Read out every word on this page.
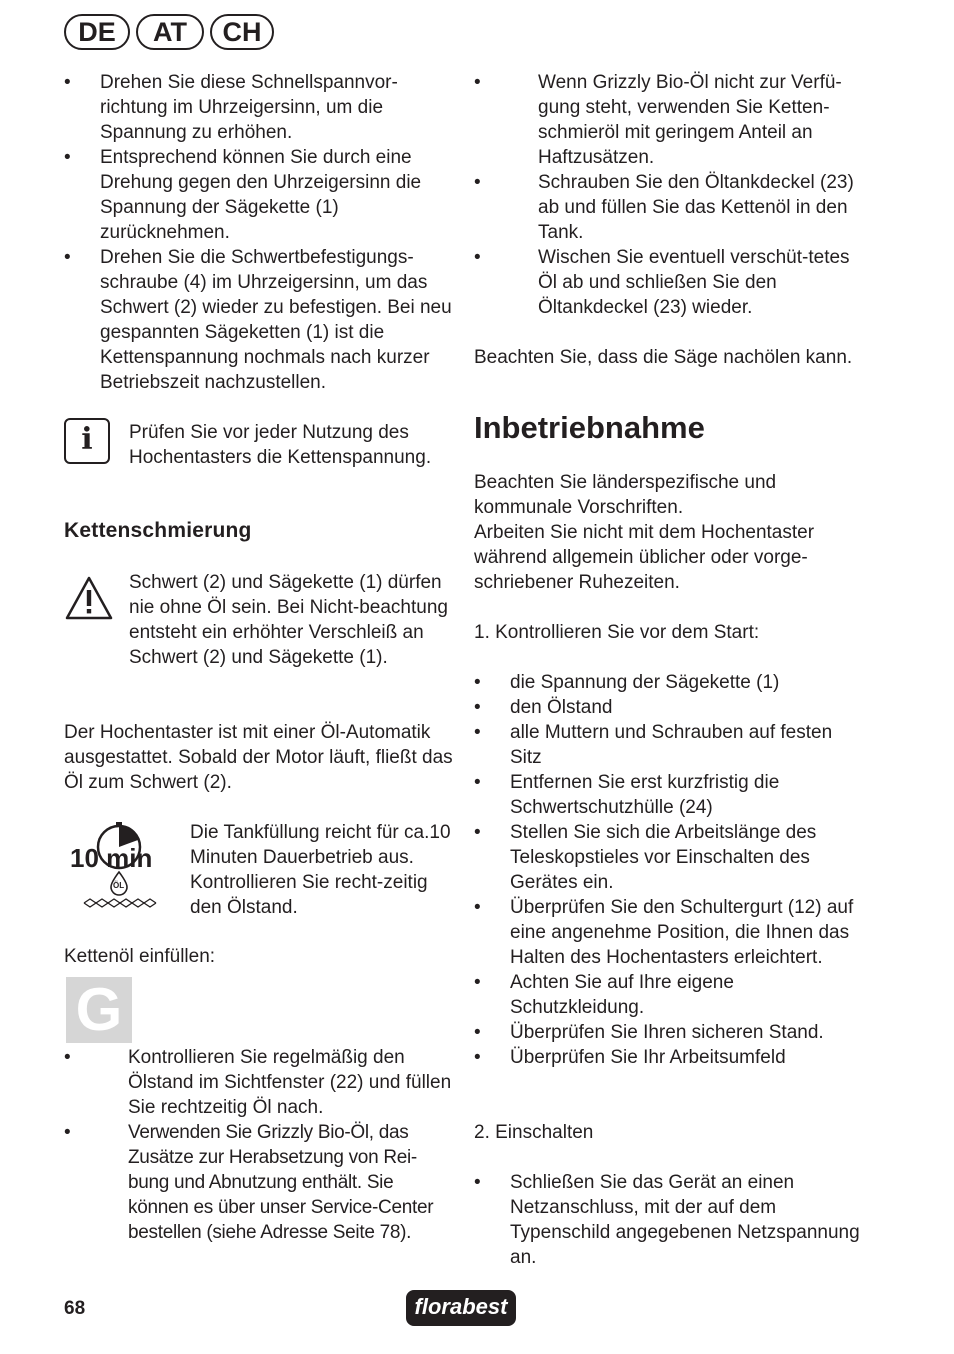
DE	AT	CH
• Drehen Sie diese Schnellspannvor-richtung im Uhrzeigersinn, um die Spannung zu erhöhen.
• Entsprechend können Sie durch eine Drehung gegen den Uhrzeigersinn die Spannung der Sägekette (1) zurücknehmen.
• Drehen Sie die Schwertbefestigungs-schraube (4) im Uhrzeigersinn, um das Schwert (2) wieder zu befestigen. Bei neu gespannten Sägeketten (1) ist die Kettenspannung nochmals nach kurzer Betriebszeit nachzustellen.
i	Prüfen Sie vor jeder Nutzung des Hochentasters die Kettenspannung.
Kettenschmierung
Schwert (2) und Sägekette (1) dürfen nie ohne Öl sein. Bei Nicht-beachtung entsteht ein erhöhter Verschleiß an Schwert (2) und Sägekette (1).
Der Hochentaster ist mit einer Öl-Automatik ausgestattet. Sobald der Motor läuft, fließt das Öl zum Schwert (2).
10 min
ÖL
Die Tankfüllung reicht für ca.10 Minuten Dauerbetrieb aus. Kontrollieren Sie recht-zeitig den Ölstand.
Kettenöl einfüllen:
G
• Kontrollieren Sie regelmäßig den Ölstand im Sichtfenster (22) und füllen Sie rechtzeitig Öl nach.
• Verwenden Sie Grizzly Bio-Öl, das Zusätze zur Herabsetzung von Rei-bung und Abnutzung enthält. Sie können es über unser Service-Center bestellen (siehe Adresse Seite 78).
• Wenn Grizzly Bio-Öl nicht zur Verfü-gung steht, verwenden Sie Ketten-schmieröl mit geringem Anteil an Haftzusätzen.
• Schrauben Sie den Öltankdeckel (23) ab und füllen Sie das Kettenöl in den Tank.
• Wischen Sie eventuell verschüt-tetes Öl ab und schließen Sie den Öltankdeckel (23) wieder.
Beachten Sie, dass die Säge nachölen kann.
Inbetriebnahme
Beachten Sie länderspezifische und kommunale Vorschriften.
Arbeiten Sie nicht mit dem Hochentaster während allgemein üblicher oder vorge-schriebener Ruhezeiten.
1. Kontrollieren Sie vor dem Start:
• die Spannung der Sägekette (1)
• den Ölstand
• alle Muttern und Schrauben auf festen Sitz
• Entfernen Sie erst kurzfristig die Schwertschutzhülle (24)
• Stellen Sie sich die Arbeitslänge des Teleskopstieles vor Einschalten des Gerätes ein.
• Überprüfen Sie den Schultergurt (12) auf eine angenehme Position, die Ihnen das Halten des Hochentasters erleichtert.
• Achten Sie auf Ihre eigene Schutzkleidung.
• Überprüfen Sie Ihren sicheren Stand.
• Überprüfen Sie Ihr Arbeitsumfeld
2. Einschalten
• Schließen Sie das Gerät an einen Netzanschluss, mit der auf dem Typenschild angegebenen Netzspannung an.
68	florabest
